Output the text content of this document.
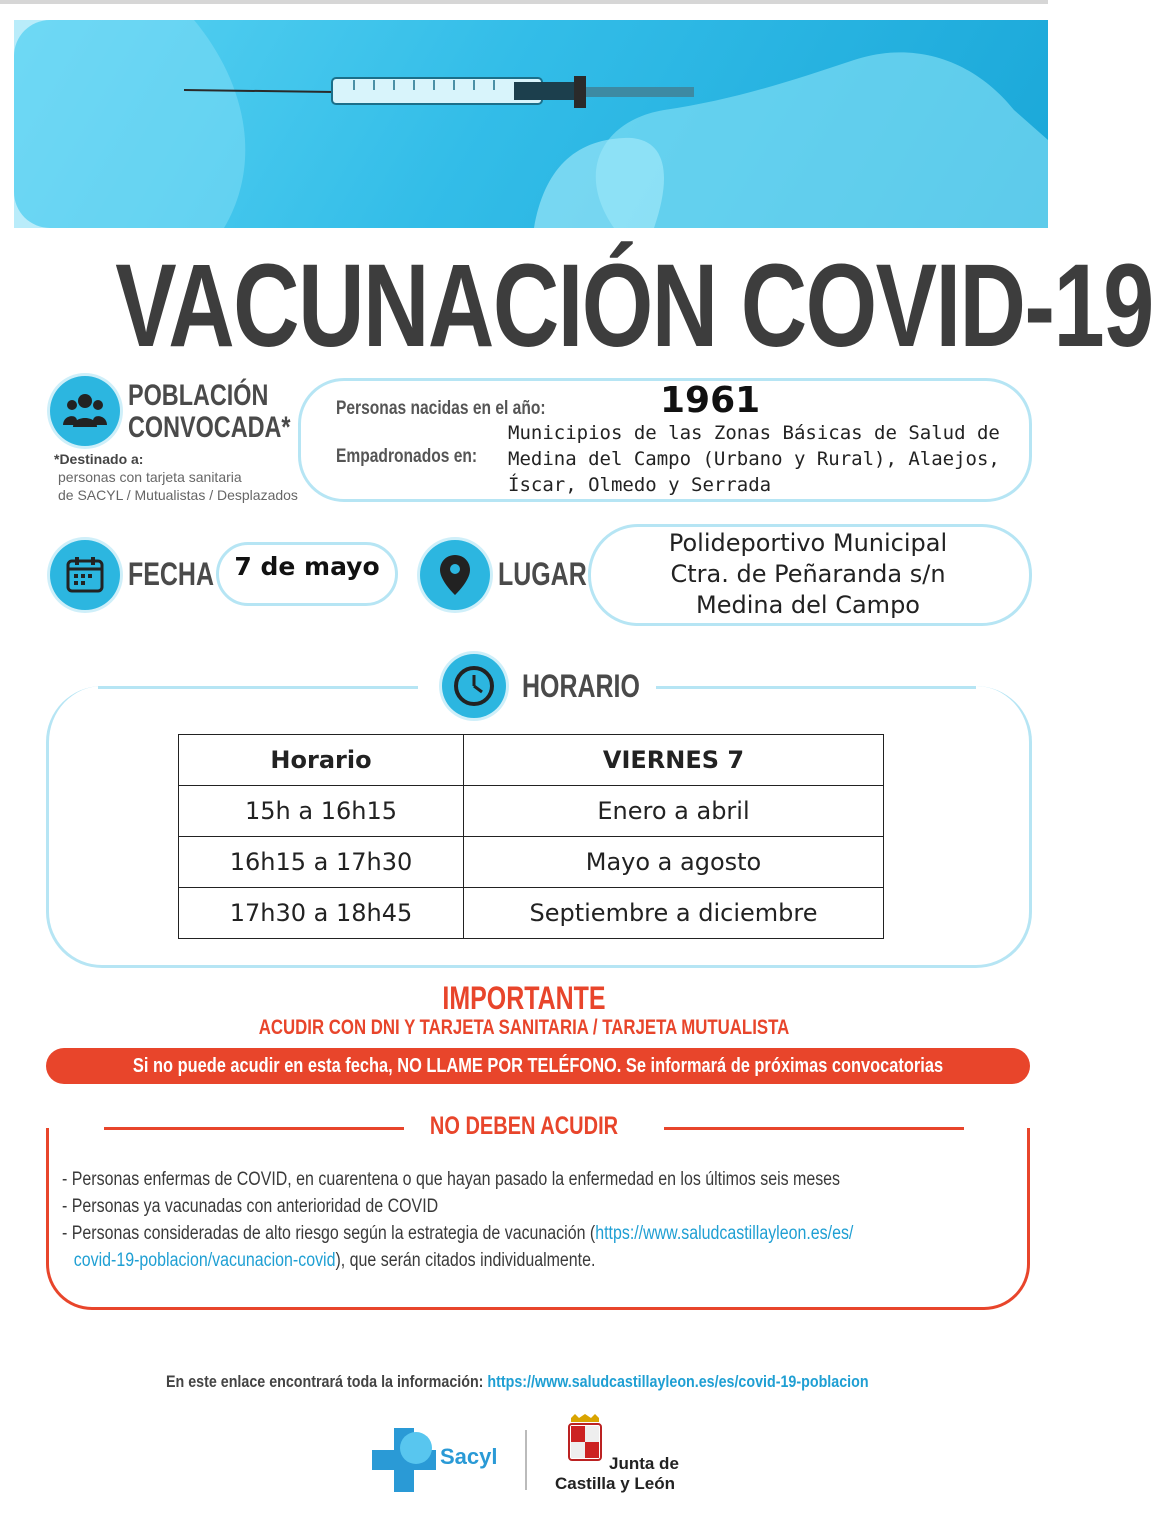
VACUNACIÓN COVID-19
POBLACIÓN
CONVOCADA*
*Destinado a:
personas con tarjeta sanitaria
de SACYL / Mutualistas / Desplazados
Personas nacidas en el año:	1961
Empadronados en:
Municipios de las Zonas Básicas de Salud de
Medina del Campo (Urbano y Rural), Alaejos,
Íscar, Olmedo y Serrada
FECHA 7 de mayo	LUGAR
Polideportivo Municipal
Ctra. de Peñaranda s/n
Medina del Campo
HORARIO
Horario	VIERNES 7
15h a 16h15	Enero a abril
16h15 a 17h30	Mayo a agosto
17h30 a 18h45	Septiembre a diciembre
IMPORTANTE
ACUDIR CON DNI Y TARJETA SANITARIA / TARJETA MUTUALISTA
Si no puede acudir en esta fecha, NO LLAME POR TELÉFONO. Se informará de próximas convocatorias
NO DEBEN ACUDIR
- Personas enfermas de COVID, en cuarentena o que hayan pasado la enfermedad en los últimos seis meses
- Personas ya vacunadas con anterioridad de COVID
- Personas consideradas de alto riesgo según la estrategia de vacunación (https://www.saludcastillayleon.es/es/
covid-19-poblacion/vacunacion-covid), que serán citados individualmente.
En este enlace encontrará toda la información: https://www.saludcastillayleon.es/es/covid-19-poblacion
Sacyl	Junta de
Castilla y León
